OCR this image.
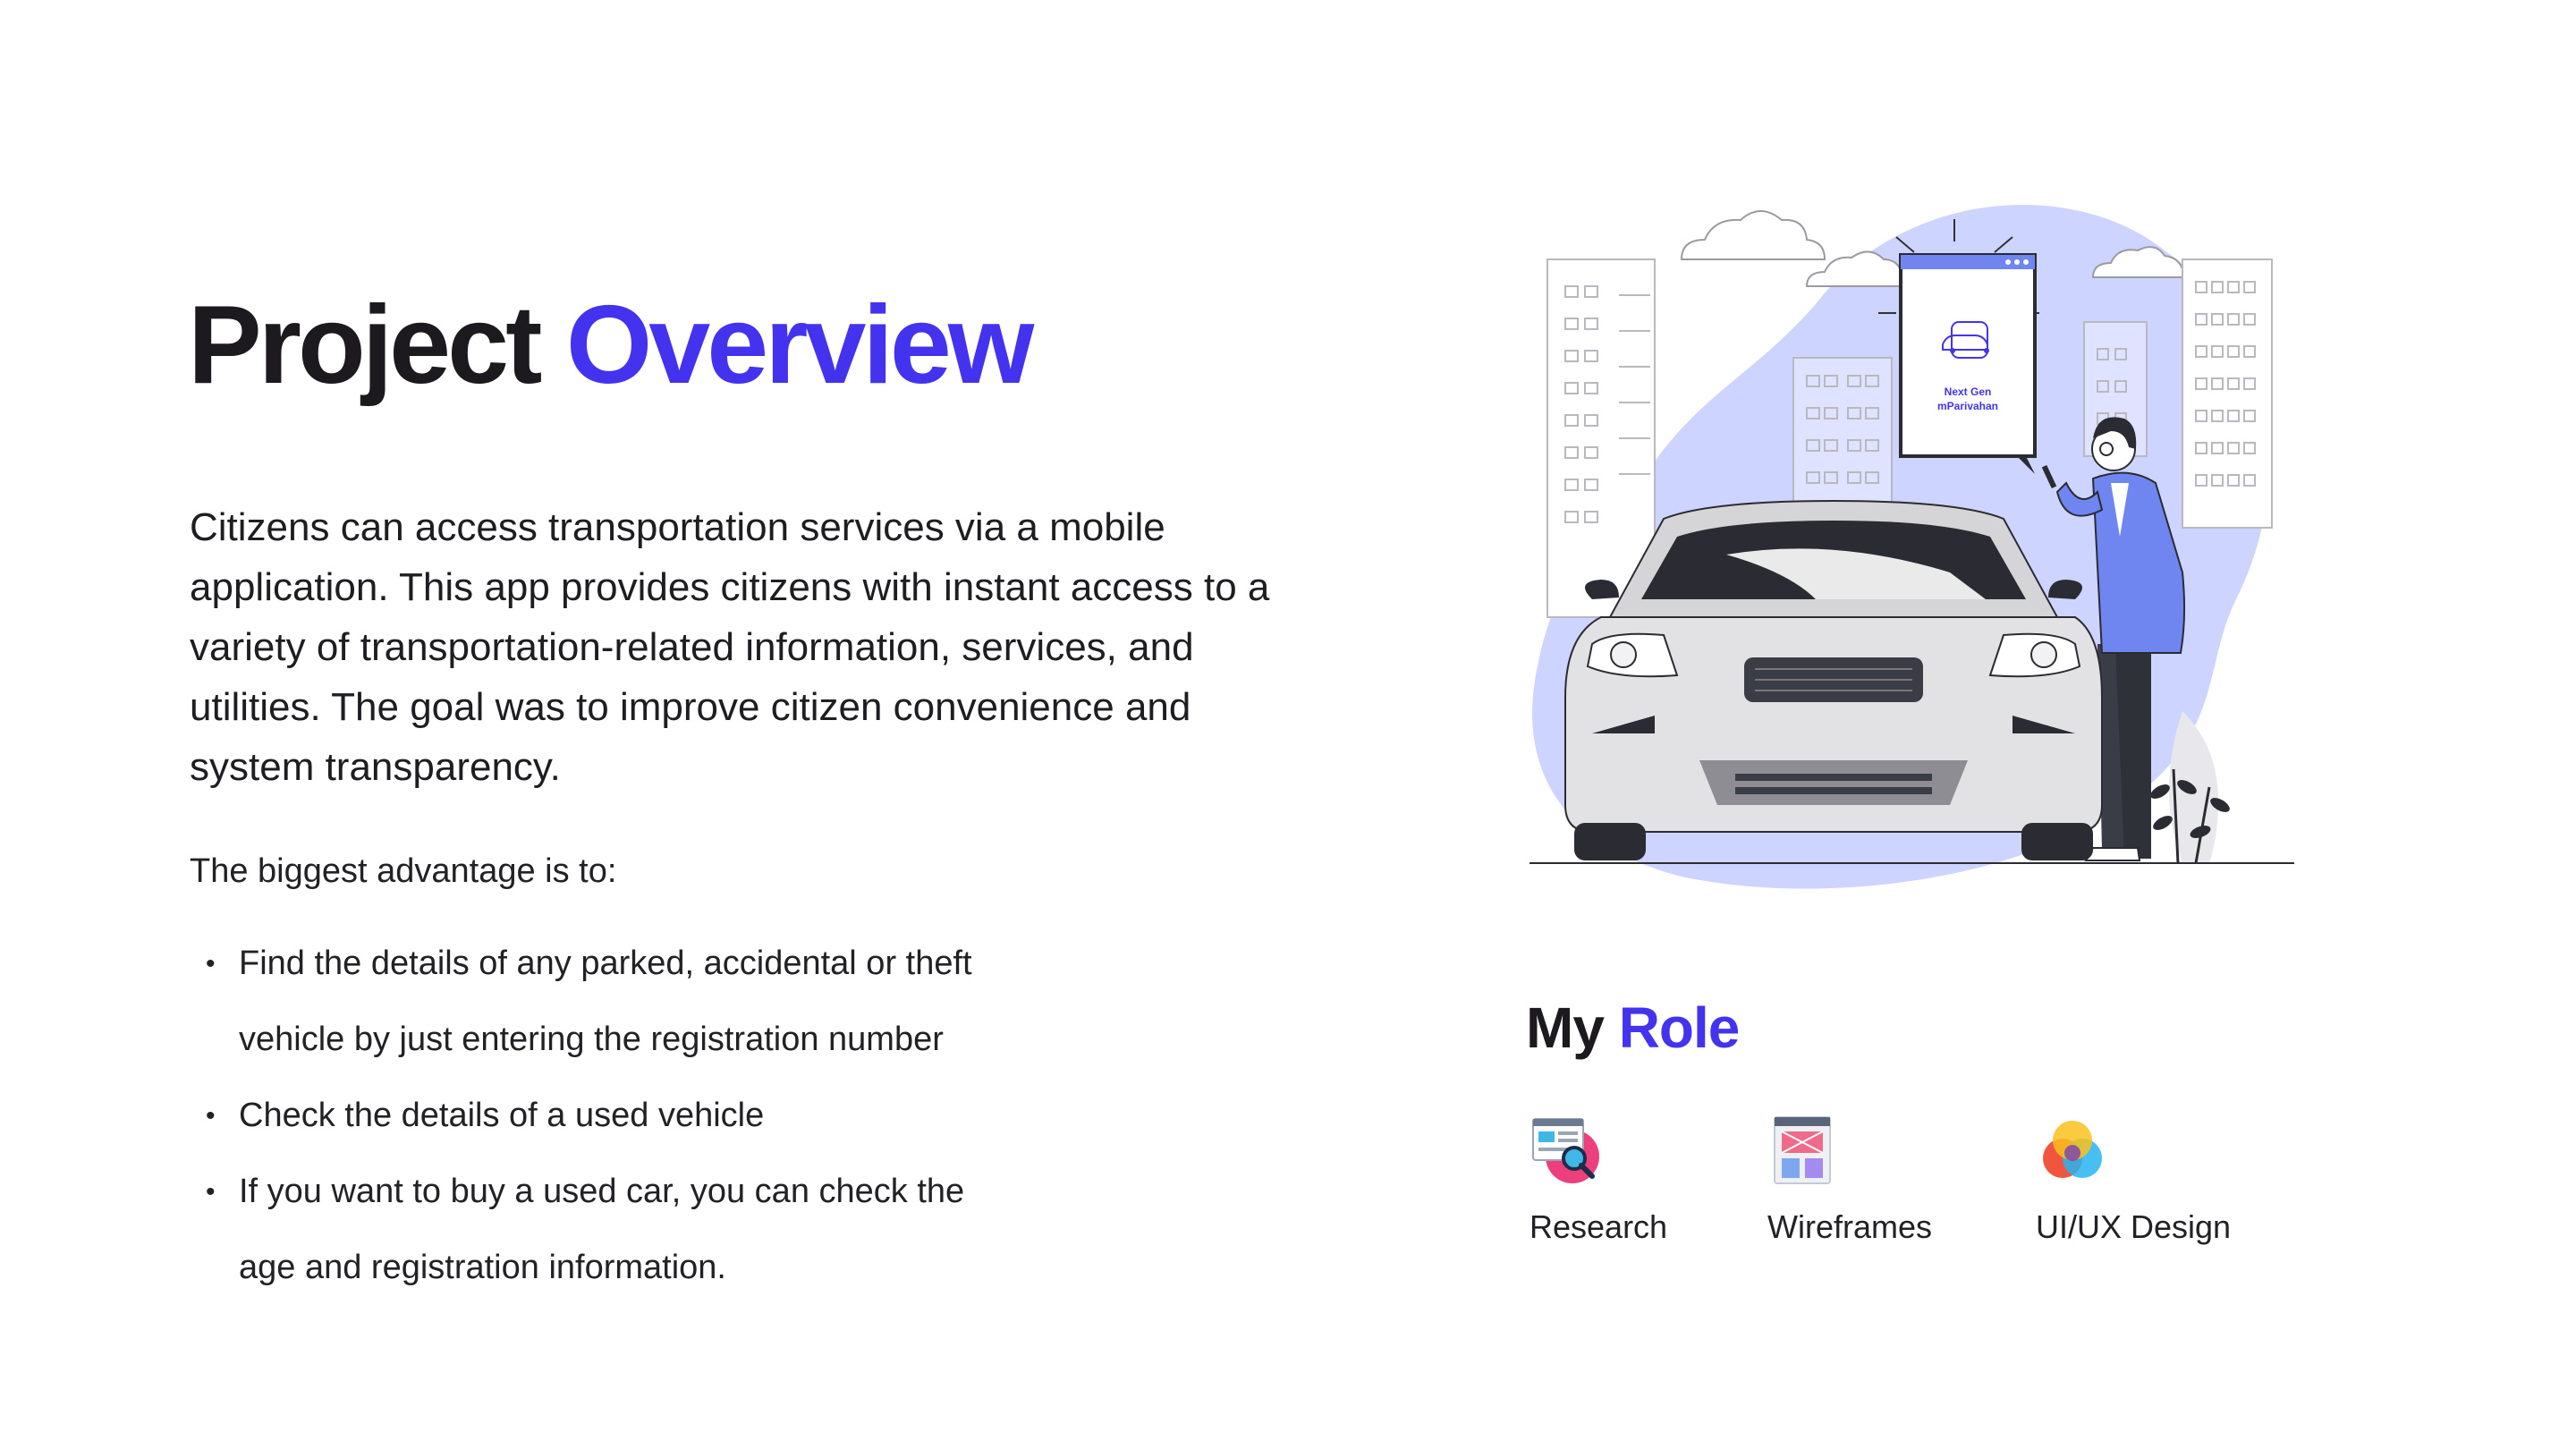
Project Overview

Citizens can access transportation services via a mobile application. This app provides citizens with instant access to a variety of transportation-related information, services, and utilities. The goal was to improve citizen convenience and system transparency.

The biggest advantage is to:

• Find the details of any parked, accidental or theft
vehicle by just entering the registration number
• Check the details of a used vehicle
• If you want to buy a used car, you can check the
age and registration information.
Next Gen
mParivahan
My Role
Research	Wireframes	UI/UX Design
